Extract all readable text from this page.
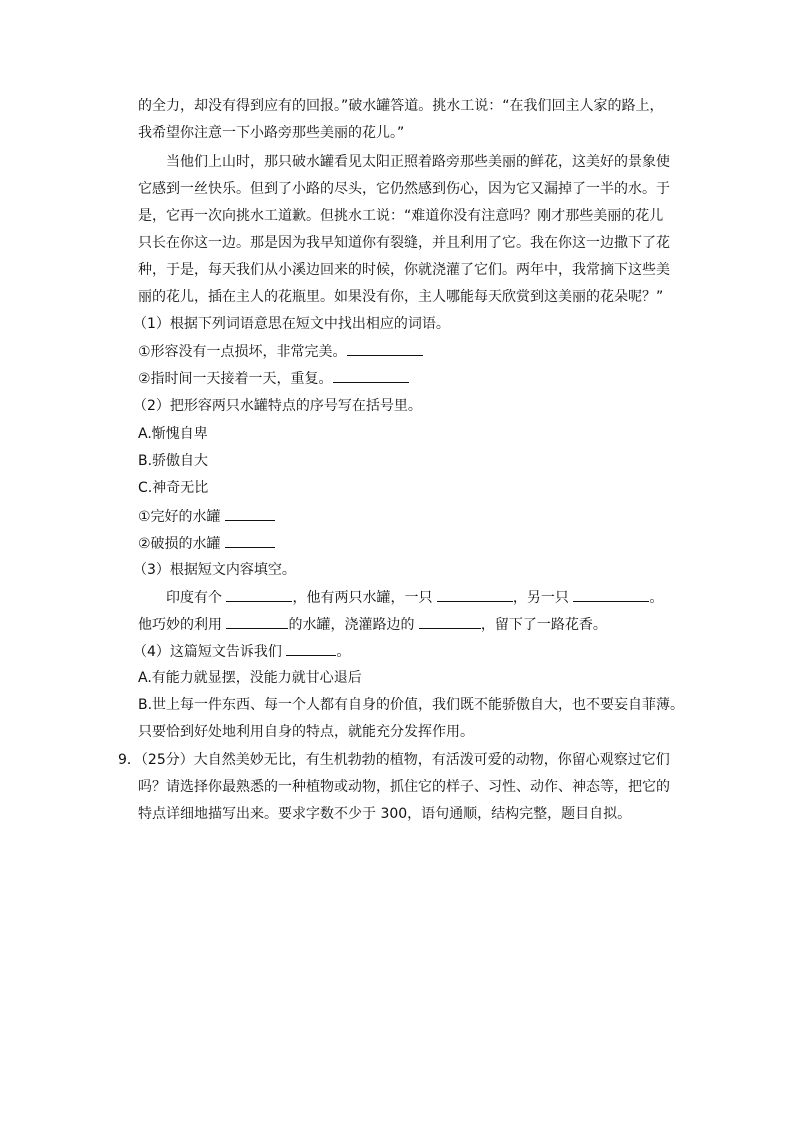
的全力，却没有得到应有的回报。”破水罐答道。挑水工说：“在我们回主人家的路上，
我希望你注意一下小路旁那些美丽的花儿。”
当他们上山时，那只破水罐看见太阳正照着路旁那些美丽的鲜花，这美好的景象使
它感到一丝快乐。但到了小路的尽头，它仍然感到伤心，因为它又漏掉了一半的水。于
是，它再一次向挑水工道歉。但挑水工说：“难道你没有注意吗？刚才那些美丽的花儿
只长在你这一边。那是因为我早知道你有裂缝，并且利用了它。我在你这一边撒下了花
种，于是，每天我们从小溪边回来的时候，你就浇灌了它们。两年中，我常摘下这些美
丽的花儿，插在主人的花瓶里。如果没有你，主人哪能每天欣赏到这美丽的花朵呢？”
（1）根据下列词语意思在短文中找出相应的词语。
①形容没有一点损坏，非常完美。
②指时间一天接着一天，重复。
（2）把形容两只水罐特点的序号写在括号里。
A.惭愧自卑
B.骄傲自大
C.神奇无比
①完好的水罐
②破损的水罐
（3）根据短文内容填空。
印度有个	，他有两只水罐，一只	，另一只	。
他巧妙的利用	的水罐，浇灌路边的	，留下了一路花香。
（4）这篇短文告诉我们	。
A.有能力就显摆，没能力就甘心退后
B.世上每一件东西、每一个人都有自身的价值，我们既不能骄傲自大，也不要妄自菲薄。
只要恰到好处地利用自身的特点，就能充分发挥作用。
9．（25分）大自然美妙无比，有生机勃勃的植物，有活泼可爱的动物，你留心观察过它们
吗？请选择你最熟悉的一种植物或动物，抓住它的样子、习性、动作、神态等，把它的
特点详细地描写出来。要求字数不少于 300，语句通顺，结构完整，题目自拟。
